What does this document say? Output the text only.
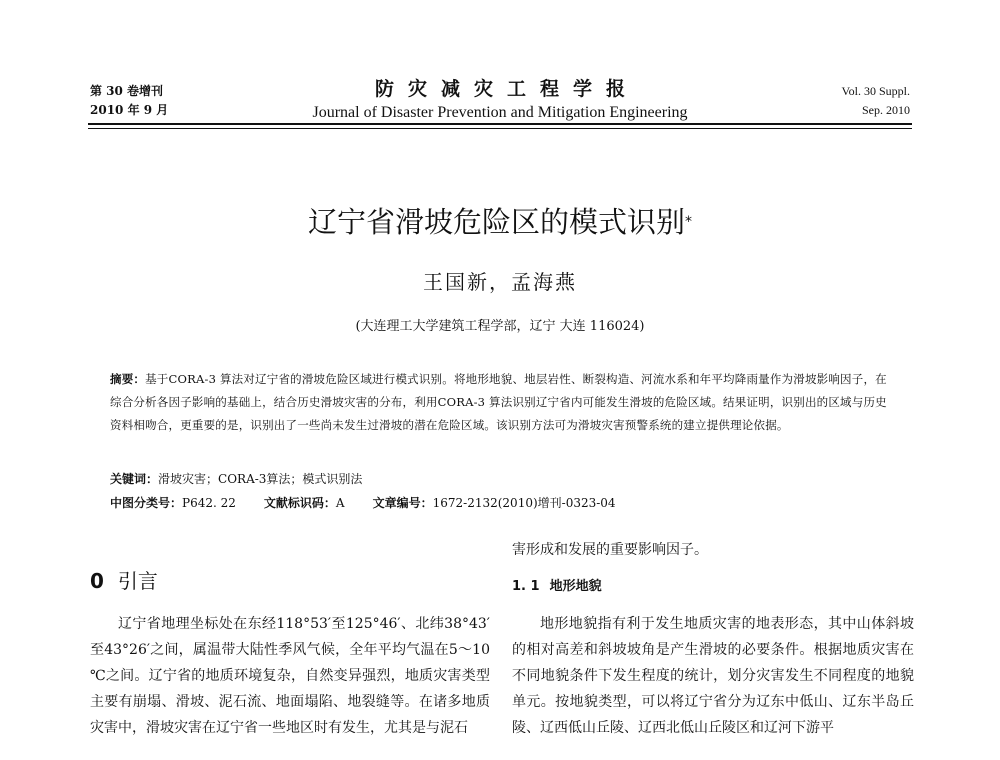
第 30 卷增刊
2010 年 9 月
防灾减灾工程学报
Journal of Disaster Prevention and Mitigation Engineering
Vol. 30 Suppl.
Sep. 2010
辽宁省滑坡危险区的模式识别*
王国新，孟海燕
(大连理工大学建筑工程学部，辽宁 大连 116024)
摘要：基于CORA-3 算法对辽宁省的滑坡危险区域进行模式识别。将地形地貌、地层岩性、断裂构造、河流水系和年平均降雨量作为滑坡影响因子，在综合分析各因子影响的基础上，结合历史滑坡灾害的分布，利用CORA-3 算法识别辽宁省内可能发生滑坡的危险区域。结果证明，识别出的区域与历史资料相吻合，更重要的是，识别出了一些尚未发生过滑坡的潜在危险区域。该识别方法可为滑坡灾害预警系统的建立提供理论依据。
关键词：滑坡灾害；CORA-3算法；模式识别法
中图分类号：P642. 22 文献标识码：A 文章编号：1672-2132(2010)增刊-0323-04
0 引言

辽宁省地理坐标处在东经118°53′至125°46′、北纬38°43′至43°26′之间，属温带大陆性季风气候，全年平均气温在5～10 ℃之间。辽宁省的地质环境复杂，自然变异强烈，地质灾害类型主要有崩塌、滑坡、泥石流、地面塌陷、地裂缝等。在诸多地质灾害中，滑坡灾害在辽宁省一些地区时有发生，尤其是与泥石

害形成和发展的重要影响因子。

1. 1 地形地貌

地形地貌指有利于发生地质灾害的地表形态，其中山体斜坡的相对高差和斜坡坡角是产生滑坡的必要条件。根据地质灾害在不同地貌条件下发生程度的统计，划分灾害发生不同程度的地貌单元。按地貌类型，可以将辽宁省分为辽东中低山、辽东半岛丘陵、辽西低山丘陵、辽西北低山丘陵区和辽河下游平
